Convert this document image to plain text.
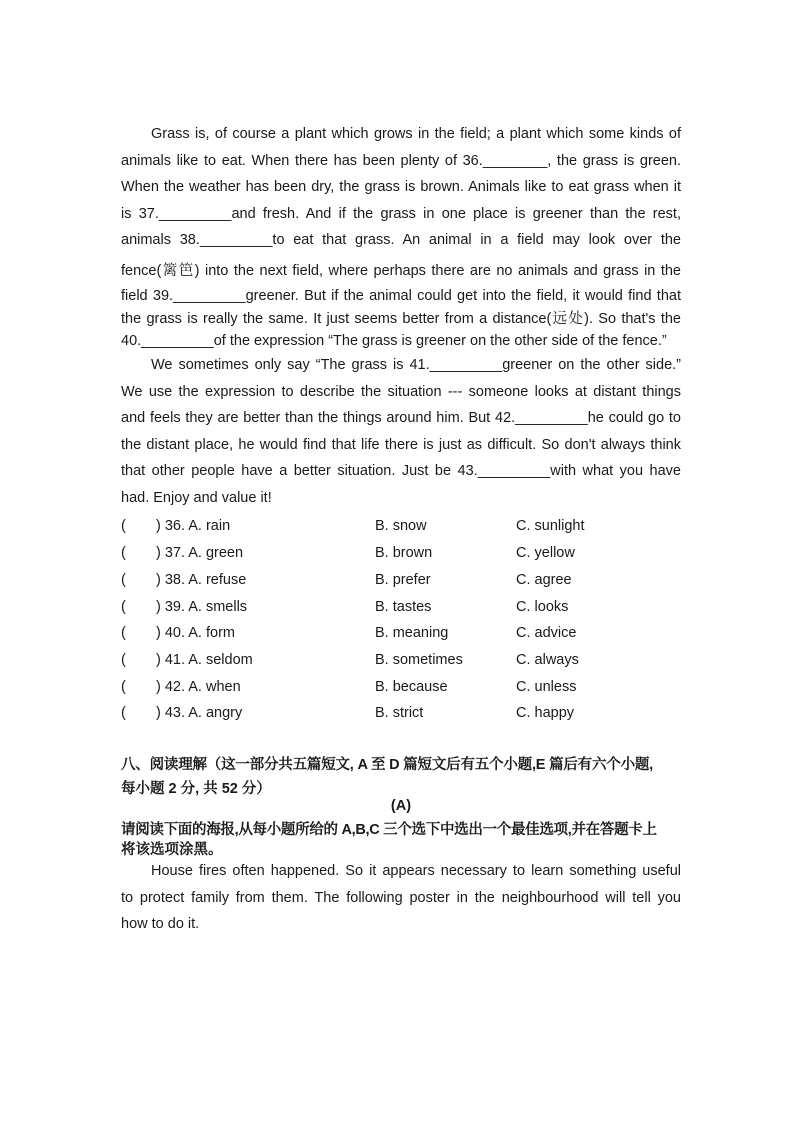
Grass is, of course a plant which grows in the field; a plant which some kinds of
animals like to eat. When there has been plenty of 36.________, the grass is green.
When the weather has been dry, the grass is brown. Animals like to eat grass when it
is 37._________and fresh. And if the grass in one place is greener than the rest,
animals 38._________to eat that grass. An animal in a field may look over the
fence(篱笆) into the next field, where perhaps there are no animals and grass in the
field 39._________greener. But if the animal could get into the field, it would find that
the grass is really the same. It just seems better from a distance(远处). So that's the
40._________of the expression “The grass is greener on the other side of the fence.”
We sometimes only say “The grass is 41._________greener on the other side.”
We use the expression to describe the situation --- someone looks at distant things
and feels they are better than the things around him. But 42._________he could go to
the distant place, he would find that life there is just as difficult. So don't always think
that other people have a better situation. Just be 43._________with what you have
had. Enjoy and value it!
( ) 36. A. rain	B. snow	C. sunlight
( ) 37. A. green	B. brown	C. yellow
( ) 38. A. refuse	B. prefer	C. agree
( ) 39. A. smells	B. tastes	C. looks
( ) 40. A. form	B. meaning	C. advice
( ) 41. A. seldom	B. sometimes	C. always
( ) 42. A. when	B. because	C. unless
( ) 43. A. angry	B. strict	C. happy
八、阅读理解（这一部分共五篇短文, A 至 D 篇短文后有五个小题,E 篇后有六个小题,
每小题 2 分, 共 52 分）
(A)
请阅读下面的海报,从每小题所给的 A,B,C 三个选下中选出一个最佳选项,并在答题卡上
将该选项涂黑。
House fires often happened. So it appears necessary to learn something useful
to protect family from them. The following poster in the neighbourhood will tell you
how to do it.
